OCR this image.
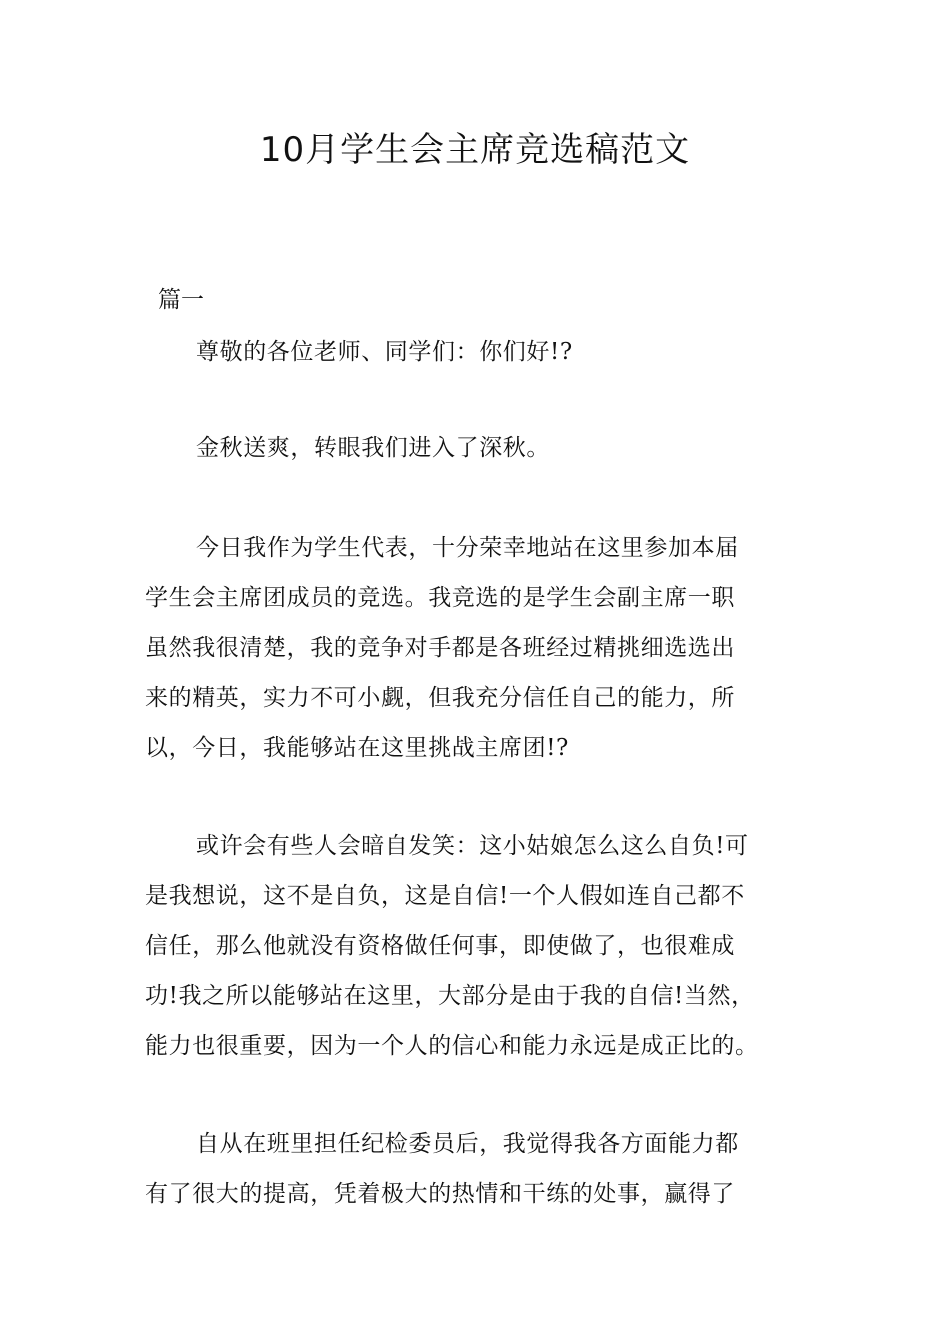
10月学生会主席竞选稿范文
篇一
尊敬的各位老师、同学们：你们好!?
金秋送爽，转眼我们进入了深秋。
今日我作为学生代表，十分荣幸地站在这里参加本届
学生会主席团成员的竞选。我竞选的是学生会副主席一职
虽然我很清楚，我的竞争对手都是各班经过精挑细选选出
来的精英，实力不可小觑，但我充分信任自己的能力，所
以，今日，我能够站在这里挑战主席团!?
或许会有些人会暗自发笑：这小姑娘怎么这么自负!可
是我想说，这不是自负，这是自信!一个人假如连自己都不
信任，那么他就没有资格做任何事，即使做了，也很难成
功!我之所以能够站在这里，大部分是由于我的自信!当然，
能力也很重要，因为一个人的信心和能力永远是成正比的。
自从在班里担任纪检委员后，我觉得我各方面能力都
有了很大的提高，凭着极大的热情和干练的处事，赢得了
